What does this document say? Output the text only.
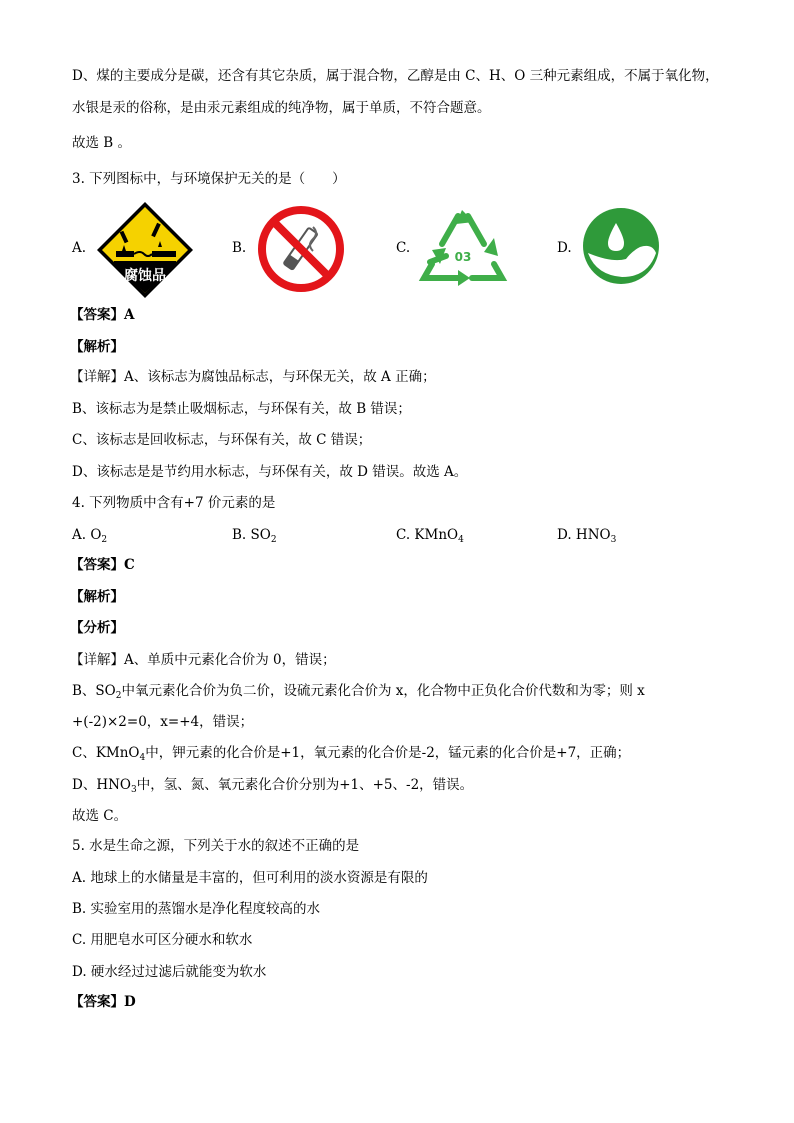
D、煤的主要成分是碳，还含有其它杂质，属于混合物，乙醇是由 C、H、O 三种元素组成，不属于氧化物，
水银是汞的俗称，是由汞元素组成的纯净物，属于单质，不符合题意。
故选 B 。
3. 下列图标中，与环境保护无关的是（　　）
A.
腐蚀品
B.	C.
03
D.
【答案】A
【解析】
【详解】A、该标志为腐蚀品标志，与环保无关，故 A 正确；
B、该标志为是禁止吸烟标志，与环保有关，故 B 错误；
C、该标志是回收标志，与环保有关，故 C 错误；
D、该标志是是节约用水标志，与环保有关，故 D 错误。故选 A。
4. 下列物质中含有+7 价元素的是
A. $O_2$	B. $SO_2$	C. KMnO$_4$	D. $HNO_3$
【答案】C
【解析】
【分析】
【详解】A、单质中元素化合价为 0，错误；
B、$SO_2$中氧元素化合价为负二价，设硫元素化合价为 x，化合物中正负化合价代数和为零；则 x
+(-2)×2=0，x=+4，错误；
C、KMnO$_4$中，钾元素的化合价是+1，氧元素的化合价是-2，锰元素的化合价是+7，正确；
D、$HNO_3$中，氢、氮、氧元素化合价分别为+1、+5、-2，错误。
故选 C。
5. 水是生命之源，下列关于水的叙述不正确的是
A. 地球上的水储量是丰富的，但可利用的淡水资源是有限的
B. 实验室用的蒸馏水是净化程度较高的水
C. 用肥皂水可区分硬水和软水
D. 硬水经过过滤后就能变为软水
【答案】D
